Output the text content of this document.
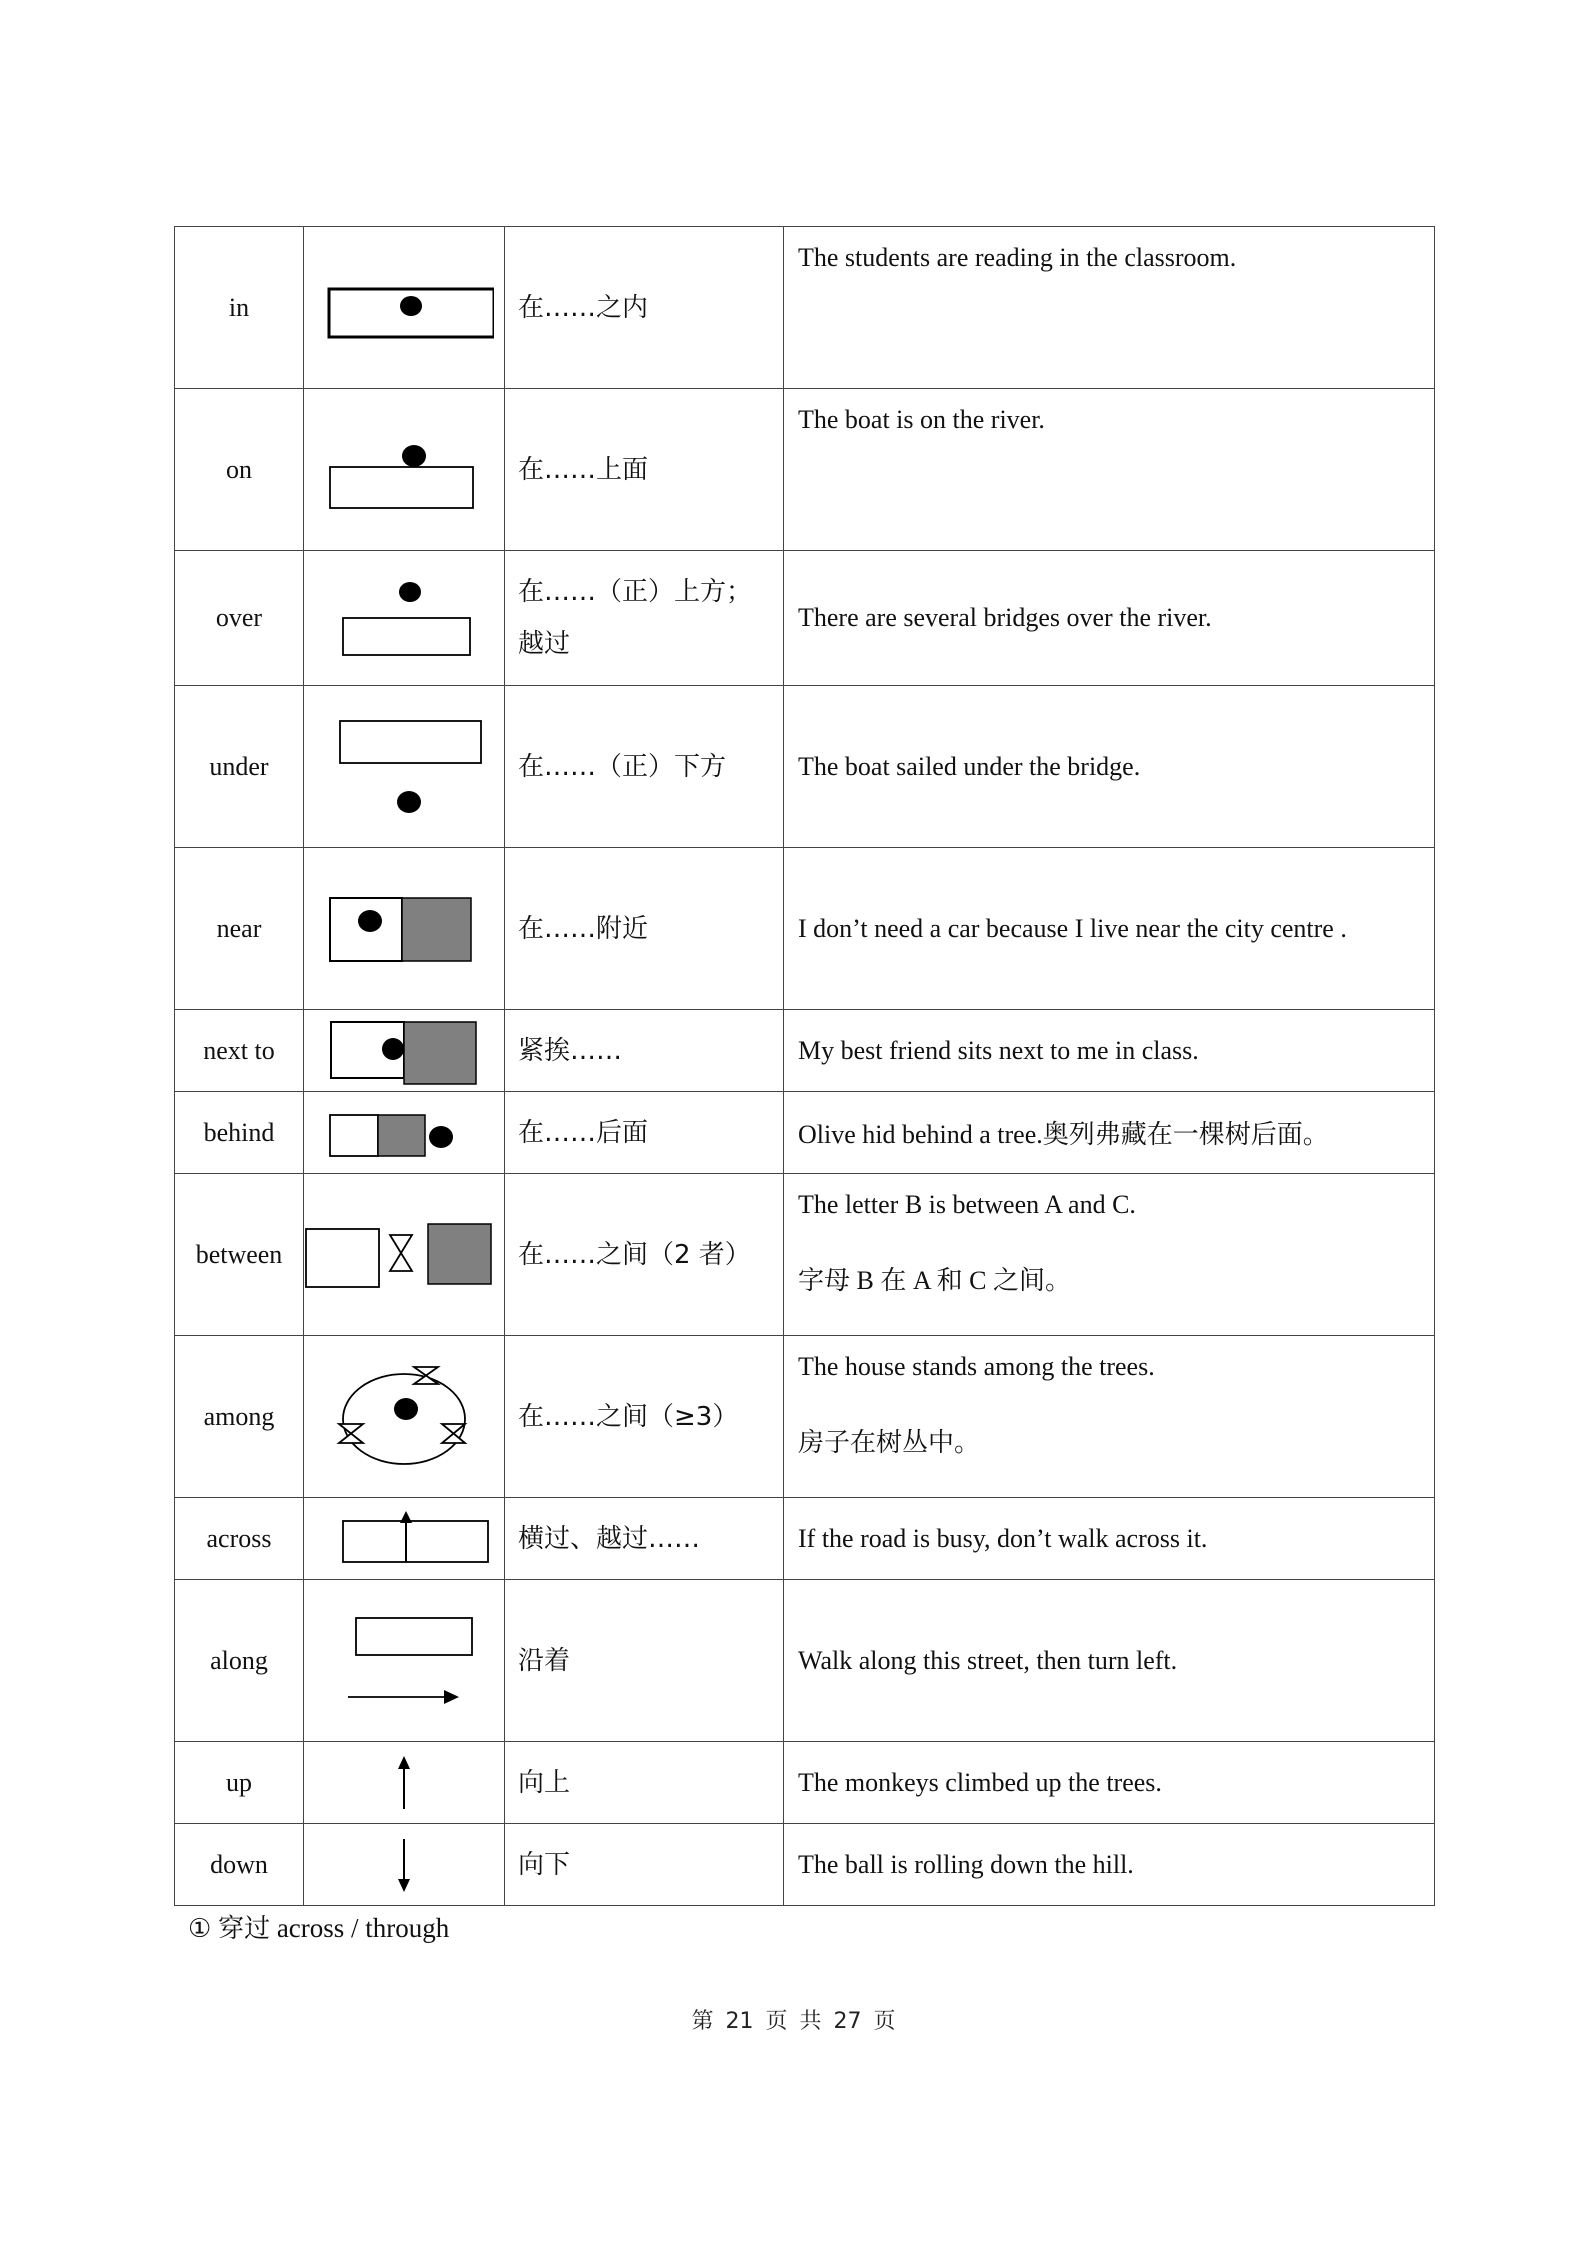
in		在……之内	The students are reading in the classroom.

on		在……上面	The boat is on the river.

over		在……（正）上方；
越过	There are several bridges over the river.

under		在……（正）下方	The boat sailed under the bridge.

near		在……附近	I don’t need a car because I live near the city centre .

next to		紧挨……	My best friend sits next to me in class.

behind		在……后面	Olive hid behind a tree.奥列弗藏在一棵树后面。

between		在……之间（2 者）	The letter B is between A and C.

字母 B 在 A 和 C 之间。

among		在……之间（≥3）	The house stands among the trees.

房子在树丛中。

across		横过、越过……	If the road is busy, don’t walk across it.

along		沿着	Walk along this street, then turn left.

up		向上	The monkeys climbed up the trees.

down		向下	The ball is rolling down the hill.

① 穿过 across / through
第 21 页 共 27 页
